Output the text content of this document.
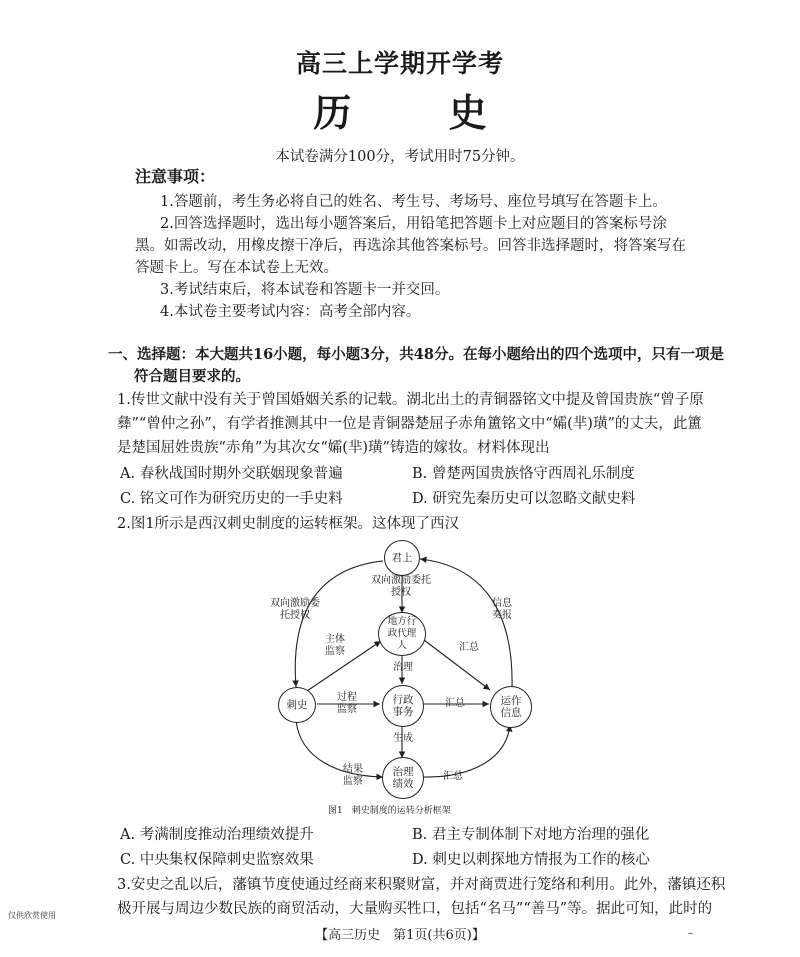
高三上学期开学考
历 史
本试卷满分100分，考试用时75分钟。
注意事项：
1.答题前，考生务必将自己的姓名、考生号、考场号、座位号填写在答题卡上。
2.回答选择题时，选出每小题答案后，用铅笔把答题卡上对应题目的答案标号涂
黑。如需改动，用橡皮擦干净后，再选涂其他答案标号。回答非选择题时，将答案写在
答题卡上。写在本试卷上无效。
3.考试结束后，将本试卷和答题卡一并交回。
4.本试卷主要考试内容：高考全部内容。
一、选择题：本大题共16小题，每小题3分，共48分。在每小题给出的四个选项中，只有一项是
符合题目要求的。
1.传世文献中没有关于曾国婚姻关系的记载。湖北出土的青铜器铭文中提及曾国贵族“曾子原
彝”“曾仲之孙”，有学者推测其中一位是青铜器楚屈子赤角簠铭文中“孀(芈)璜”的丈夫，此簠
是楚国屈姓贵族“赤角”为其次女“孀(芈)璜”铸造的嫁妆。材料体现出
A. 春秋战国时期外交联姻现象普遍	B. 曾楚两国贵族恪守西周礼乐制度
C. 铭文可作为研究历史的一手史料	D. 研究先秦历史可以忽略文献史料
2.图1所示是西汉刺史制度的运转框架。这体现了西汉
君上
地方行政代理人
刺史	行政事务
运作信息
治理绩效
双向激励委托授权
双向激励委托授权
信息奏报
主体监察	汇总
治理
过程监察
汇总
生成
结果监察	汇总
图1　刺史制度的运转分析框架
A. 考满制度推动治理绩效提升	B. 君主专制体制下对地方治理的强化
C. 中央集权保障刺史监察效果	D. 刺史以刺探地方情报为工作的核心
3.安史之乱以后，藩镇节度使通过经商来积聚财富，并对商贾进行笼络和利用。此外，藩镇还积
极开展与周边少数民族的商贸活动，大量购买牲口，包括“名马”“善马”等。据此可知，此时的
仅供欣赏使用
【高三历史　第1页(共6页)】	–
